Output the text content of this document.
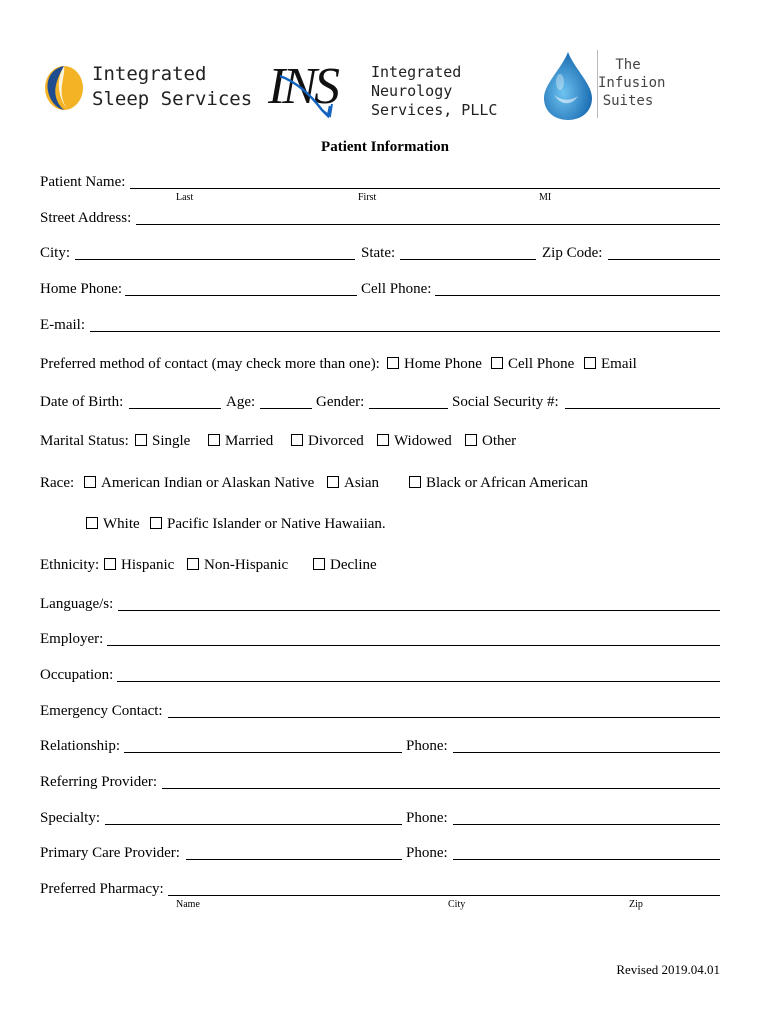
Integrated
Sleep Services INS Integrated
Neurology
Services, PLLC
The
Infusion
Suites
Patient Information
Patient Name:
Last	First	MI
Street Address:
City:	State:	Zip Code:
Home Phone:	Cell Phone:
E-mail:
Preferred method of contact (may check more than one):	Home Phone	Cell Phone	Email
Date of Birth:	Age:	Gender:	Social Security #:
Marital Status:	Single	Married	Divorced	Widowed	Other
Race:	American Indian or Alaskan Native	Asian	Black or African American
White	Pacific Islander or Native Hawaiian.
Ethnicity:	Hispanic	Non-Hispanic	Decline
Language/s:
Employer:
Occupation:
Emergency Contact:
Relationship:	Phone:
Referring Provider:
Specialty:	Phone:
Primary Care Provider:	Phone:
Preferred Pharmacy:
Name	City	Zip
Revised 2019.04.01
